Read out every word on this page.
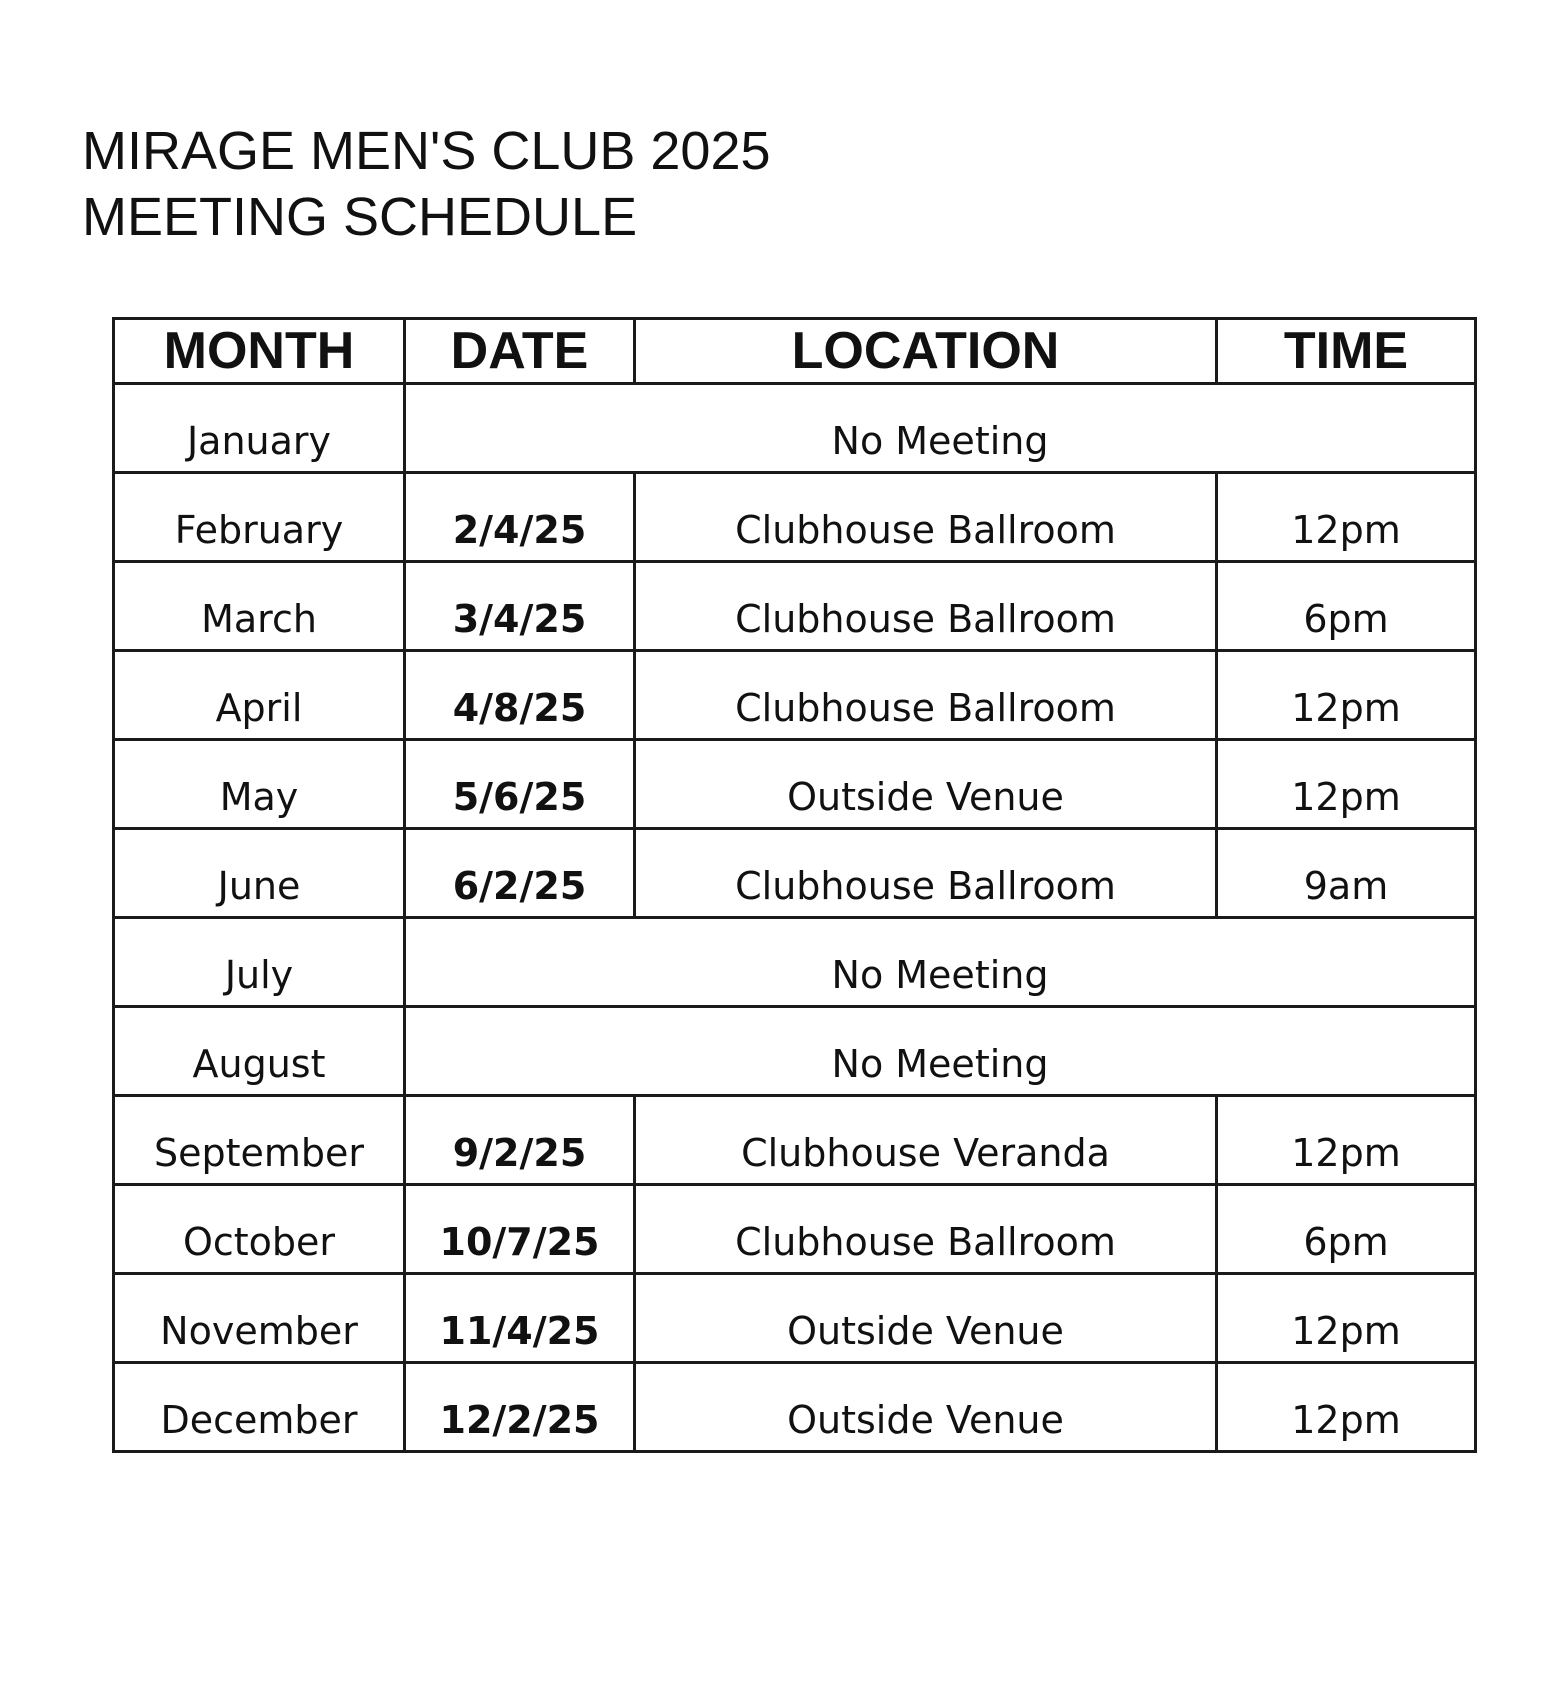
MIRAGE MEN'S CLUB 2025
MEETING SCHEDULE
MONTH	DATE	LOCATION	TIME
January	No Meeting		
February	2/4/25	Clubhouse Ballroom	12pm
March	3/4/25	Clubhouse Ballroom	6pm
April	4/8/25	Clubhouse Ballroom	12pm
May	5/6/25	Outside Venue	12pm
June	6/2/25	Clubhouse Ballroom	9am
July	No Meeting		
August	No Meeting		
September	9/2/25	Clubhouse Veranda	12pm
October	10/7/25	Clubhouse Ballroom	6pm
November	11/4/25	Outside Venue	12pm
December	12/2/25	Outside Venue	12pm
